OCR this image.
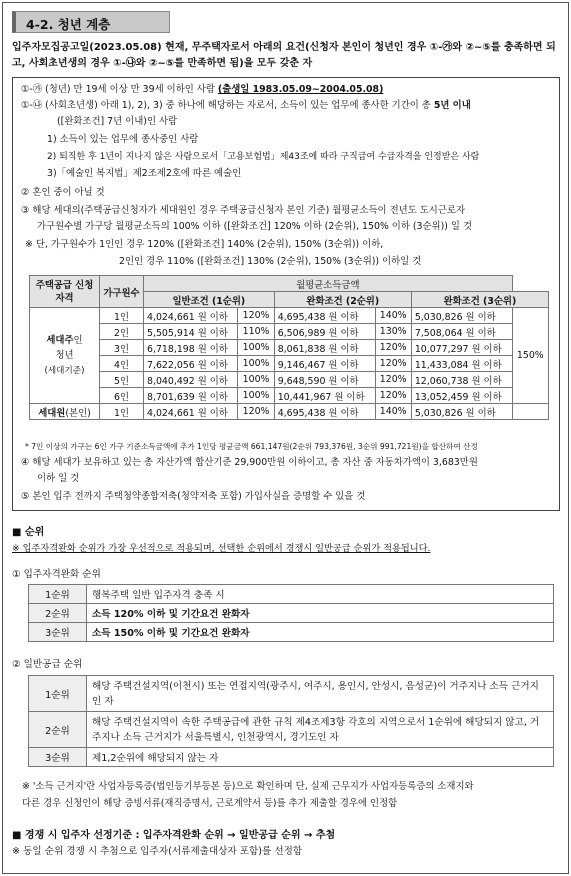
4-2. 청년 계층
입주자모집공고일(2023.05.08) 현재, 무주택자로서 아래의 요건(신청자 본인이 청년인 경우 ①-㉮와 ②~⑤를 충족하면 되고, 사회초년생의 경우 ①-㉯와 ②~⑤를 만족하면 됨)을 모두 갖춘 자
①-㉮ (청년) 만 19세 이상 만 39세 이하인 사람 (출생일 1983.05.09~2004.05.08)
①-㉯ (사회초년생) 아래 1), 2), 3) 중 하나에 해당하는 자로서, 소득이 있는 업무에 종사한 기간이 총 5년 이내
([완화조건] 7년 이내)인 사람
1) 소득이 있는 업무에 종사중인 사람
2) 퇴직한 후 1년이 지나지 않은 사람으로서「고용보험법」제43조에 따라 구직급여 수급자격을 인정받은 사람
3)「예술인 복지법」제2조제2호에 따른 예술인
② 혼인 중이 아닐 것
③ 해당 세대의(주택공급신청자가 세대원인 경우 주택공급신청자 본인 기준) 월평균소득이 전년도 도시근로자
가구원수별 가구당 월평균소득의 100% 이하 ([완화조건] 120% 이하 (2순위), 150% 이하 (3순위)) 일 것
※ 단, 가구원수가 1인인 경우 120% ([완화조건] 140% (2순위), 150% (3순위)) 이하,
2인인 경우 110% ([완화조건] 130% (2순위), 150% (3순위)) 이하일 것
주택공급 신청자격	가구원수	월평균소득금액					
		일반조건 (1순위)		완화조건 (2순위)		완화조건 (3순위)	
세대주인
청년
(세대기준)	1인	4,024,661 원 이하	120%	4,695,438 원 이하	140%	5,030,826 원 이하	150%
	2인	5,505,914 원 이하	110%	6,506,989 원 이하	130%	7,508,064 원 이하	
	3인	6,718,198 원 이하	100%	8,061,838 원 이하	120%	10,077,297 원 이하	
	4인	7,622,056 원 이하	100%	9,146,467 원 이하	120%	11,433,084 원 이하	
	5인	8,040,492 원 이하	100%	9,648,590 원 이하	120%	12,060,738 원 이하	
	6인	8,701,639 원 이하	100%	10,441,967 원 이하	120%	13,052,459 원 이하	
세대원(본인)	1인	4,024,661 원 이하	120%	4,695,438 원 이하	140%	5,030,826 원 이하	
* 7인 이상의 가구는 6인 가구 기준소득금액에 추가 1인당 평균금액 661,147원(2순위 793,376원, 3순위 991,721원)을 합산하여 산정
④ 해당 세대가 보유하고 있는 총 자산가액 합산기준 29,900만원 이하이고, 총 자산 중 자동차가액이 3,683만원
이하 일 것
⑤ 본인 입주 전까지 주택청약종합저축(청약저축 포함) 가입사실을 증명할 수 있을 것
■ 순위
※ 입주자격완화 순위가 가장 우선적으로 적용되며, 선택한 순위에서 경쟁시 일반공급 순위가 적용됩니다.
① 입주자격완화 순위
1순위	행복주택 일반 입주자격 충족 시
2순위	소득 120% 이하 및 기간요건 완화자
3순위	소득 150% 이하 및 기간요건 완화자
② 일반공급 순위
1순위	해당 주택건설지역(이천시) 또는 연접지역(광주시, 여주시, 용인시, 안성시, 음성군)이 거주지나 소득 근거지인 자
2순위	해당 주택건설지역이 속한 주택공급에 관한 규칙 제4조제3항 각호의 지역으로서 1순위에 해당되지 않고, 거주지나 소득 근거지가 서울특별시, 인천광역시, 경기도인 자
3순위	제1,2순위에 해당되지 않는 자
※ '소득 근거지'란 사업자등록증(법인등기부등본 등)으로 확인하며 단, 실제 근무지가 사업자등록증의 소재지와
다른 경우 신청인이 해당 증빙서류(재직증명서, 근로계약서 등)를 추가 제출할 경우에 인정함
■ 경쟁 시 입주자 선정기준 : 입주자격완화 순위 → 일반공급 순위 → 추첨
※ 동일 순위 경쟁 시 추첨으로 입주자(서류제출대상자 포함)를 선정함
